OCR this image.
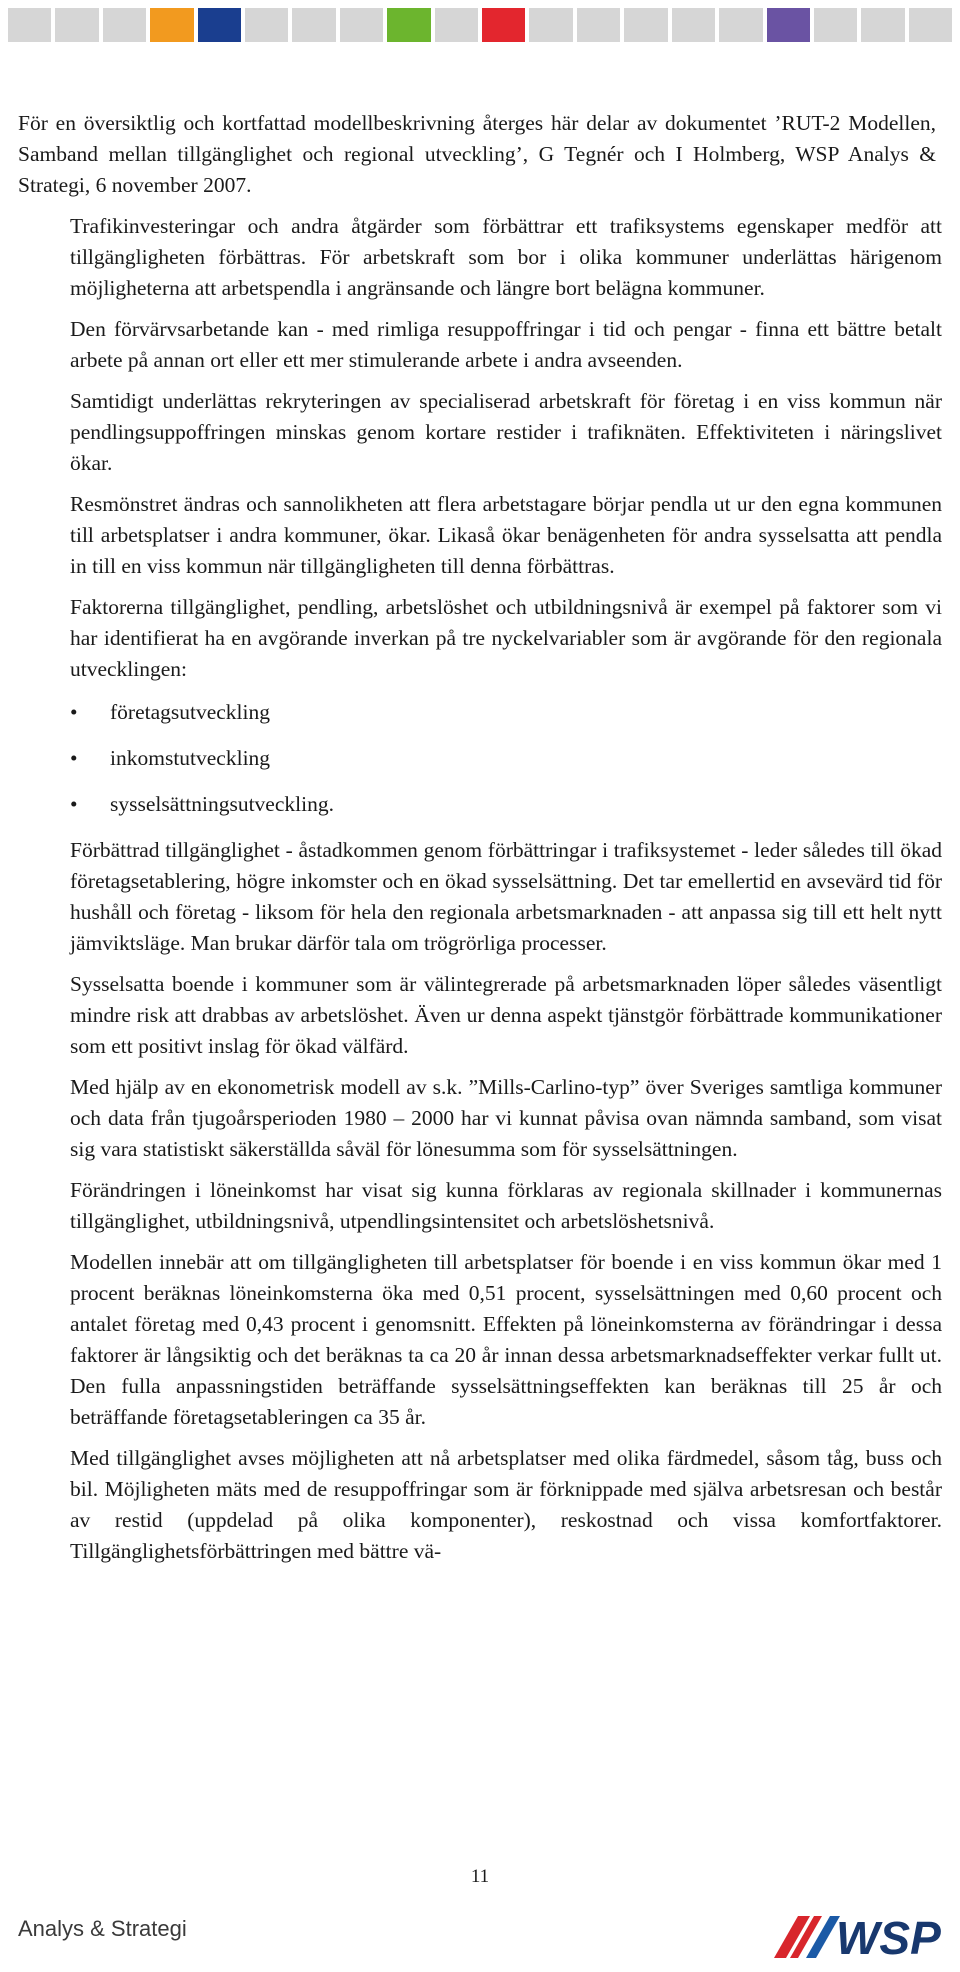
För en översiktlig och kortfattad modellbeskrivning återges här delar av dokumentet ’RUT-2 Modellen, Samband mellan tillgänglighet och regional utveckling’, G Tegnér och I Holmberg, WSP Analys & Strategi, 6 november 2007.

Trafikinvesteringar och andra åtgärder som förbättrar ett trafiksystems egenskaper medför att tillgängligheten förbättras. För arbetskraft som bor i olika kommuner underlättas härigenom möjligheterna att arbetspendla i angränsande och längre bort belägna kommuner.

Den förvärvsarbetande kan - med rimliga resuppoffringar i tid och pengar - finna ett bättre betalt arbete på annan ort eller ett mer stimulerande arbete i andra avseenden.

Samtidigt underlättas rekryteringen av specialiserad arbetskraft för företag i en viss kommun när pendlingsuppoffringen minskas genom kortare restider i trafiknäten. Effektiviteten i näringslivet ökar.

Resmönstret ändras och sannolikheten att flera arbetstagare börjar pendla ut ur den egna kommunen till arbetsplatser i andra kommuner, ökar. Likaså ökar benägenheten för andra sysselsatta att pendla in till en viss kommun när tillgängligheten till denna förbättras.

Faktorerna tillgänglighet, pendling, arbetslöshet och utbildningsnivå är exempel på faktorer som vi har identifierat ha en avgörande inverkan på tre nyckelvariabler som är avgörande för den regionala utvecklingen:

• företagsutveckling
• inkomstutveckling
• sysselsättningsutveckling.

Förbättrad tillgänglighet - åstadkommen genom förbättringar i trafiksystemet - leder således till ökad företagsetablering, högre inkomster och en ökad sysselsättning. Det tar emellertid en avsevärd tid för hushåll och företag - liksom för hela den regionala arbetsmarknaden - att anpassa sig till ett helt nytt jämviktsläge. Man brukar därför tala om trögrörliga processer.

Sysselsatta boende i kommuner som är välintegrerade på arbetsmarknaden löper således väsentligt mindre risk att drabbas av arbetslöshet. Även ur denna aspekt tjänstgör förbättrade kommunikationer som ett positivt inslag för ökad välfärd.

Med hjälp av en ekonometrisk modell av s.k. ”Mills-Carlino-typ” över Sveriges samtliga kommuner och data från tjugoårsperioden 1980 – 2000 har vi kunnat påvisa ovan nämnda samband, som visat sig vara statistiskt säkerställda såväl för lönesumma som för sysselsättningen.

Förändringen i löneinkomst har visat sig kunna förklaras av regionala skillnader i kommunernas tillgänglighet, utbildningsnivå, utpendlingsintensitet och arbetslöshetsnivå.

Modellen innebär att om tillgängligheten till arbetsplatser för boende i en viss kommun ökar med 1 procent beräknas löneinkomsterna öka med 0,51 procent, sysselsättningen med 0,60 procent och antalet företag med 0,43 procent i genomsnitt. Effekten på löneinkomsterna av förändringar i dessa faktorer är långsiktig och det beräknas ta ca 20 år innan dessa arbetsmarknadseffekter verkar fullt ut. Den fulla anpassningstiden beträffande sysselsättningseffekten kan beräknas till 25 år och beträffande företagsetableringen ca 35 år.

Med tillgänglighet avses möjligheten att nå arbetsplatser med olika färdmedel, såsom tåg, buss och bil. Möjligheten mäts med de resuppoffringar som är förknippade med själva arbetsresan och består av restid (uppdelad på olika komponenter), reskostnad och vissa komfortfaktorer. Tillgänglighetsförbättringen med bättre vä-

11
Analys & Strategi	WSP
